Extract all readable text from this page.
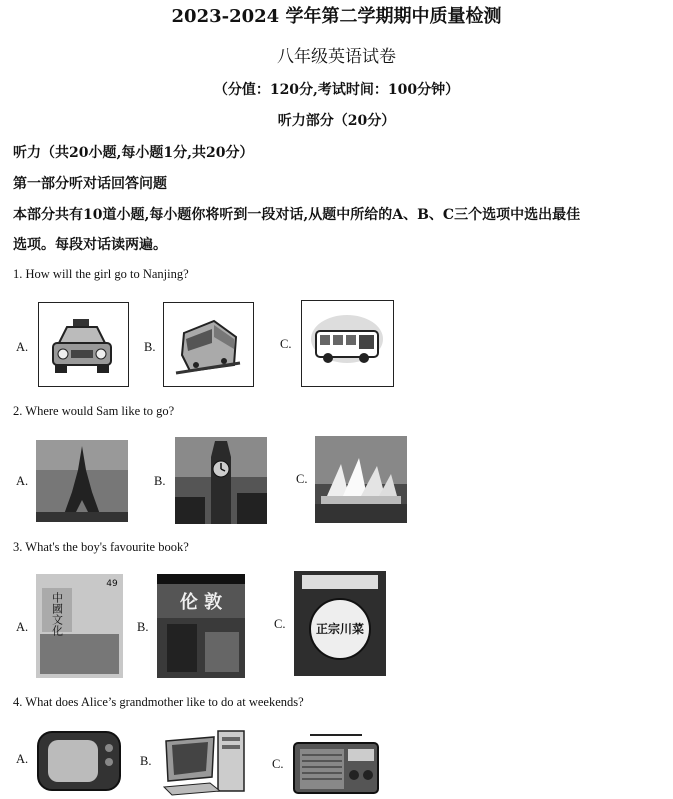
2023-2024 学年第二学期期中质量检测
八年级英语试卷
（分值：120分,考试时间：100分钟）
听力部分（20分）
听力（共20小题,每小题1分,共20分）
第一部分听对话回答问题
本部分共有10道小题,每小题你将听到一段对话,从题中所给的A、B、C三个选项中选出最佳
选项。每段对话读两遍。
1. How will the girl go to Nanjing?
A.	B.	C.
2. Where would Sam like to go?
A.	B.	C.
3. What's the boy's favourite book?
A. 中國文化
49
B.
伦 敦
C.	正宗川菜
4. What does Alice’s grandmother like to do at weekends?
A.	B.	C.
